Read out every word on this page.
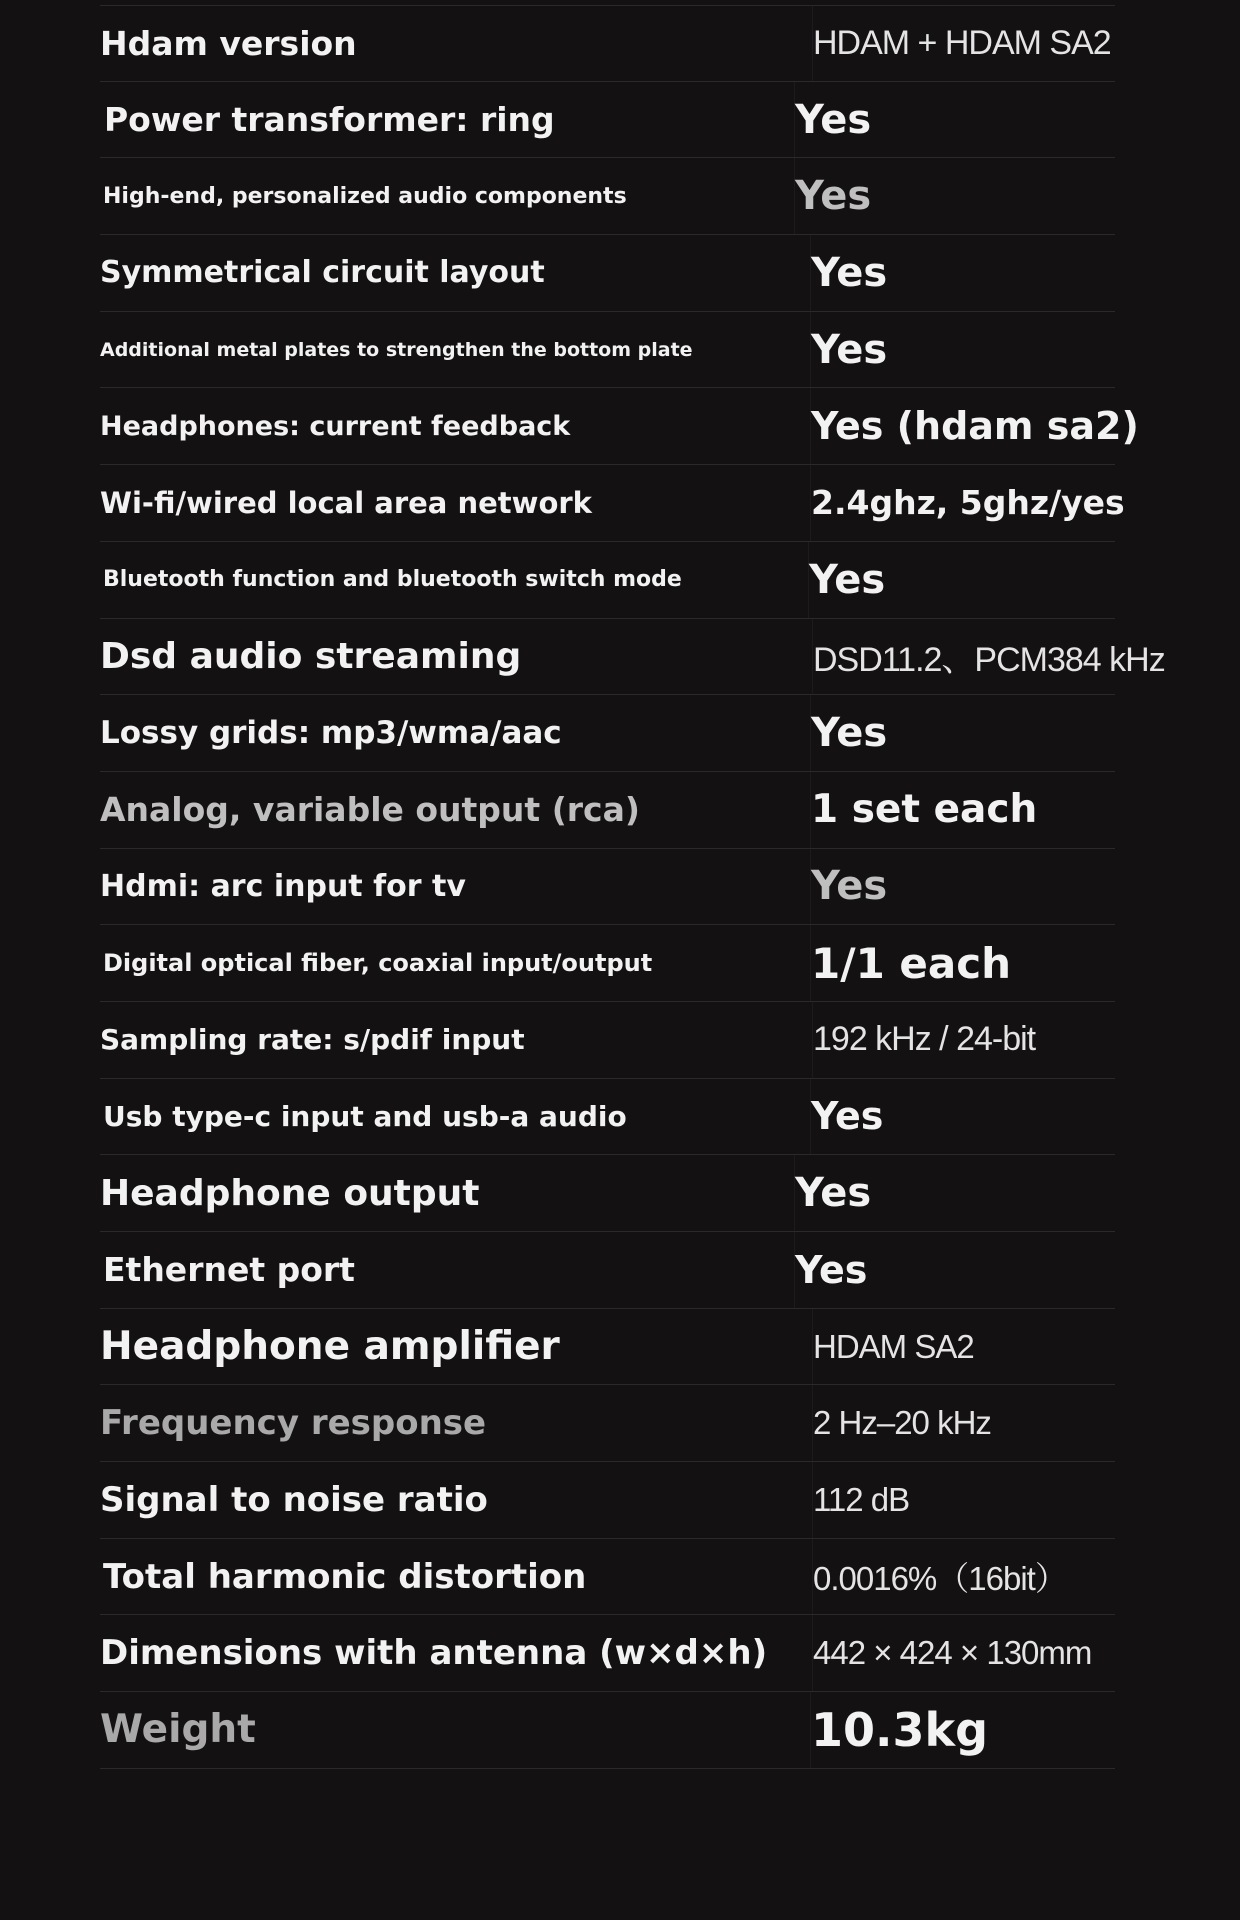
Hdam version	HDAM + HDAM SA2
Power transformer: ring	Yes
High-end, personalized audio components	Yes
Symmetrical circuit layout	Yes
Additional metal plates to strengthen the bottom plate	Yes
Headphones: current feedback	Yes (hdam sa2)
Wi-fi/wired local area network	2.4ghz, 5ghz/yes
Bluetooth function and bluetooth switch mode	Yes
Dsd audio streaming	DSD11.2、PCM384 kHz
Lossy grids: mp3/wma/aac	Yes
Analog, variable output (rca)	1 set each
Hdmi: arc input for tv	Yes
Digital optical fiber, coaxial input/output	1/1 each
Sampling rate: s/pdif input	192 kHz / 24-bit
Usb type-c input and usb-a audio	Yes
Headphone output	Yes
Ethernet port	Yes
Headphone amplifier	HDAM SA2
Frequency response	2 Hz–20 kHz
Signal to noise ratio	112 dB
Total harmonic distortion	0.0016%（16bit）
Dimensions with antenna (w×d×h) 442 × 424 × 130mm
Weight	10.3kg
